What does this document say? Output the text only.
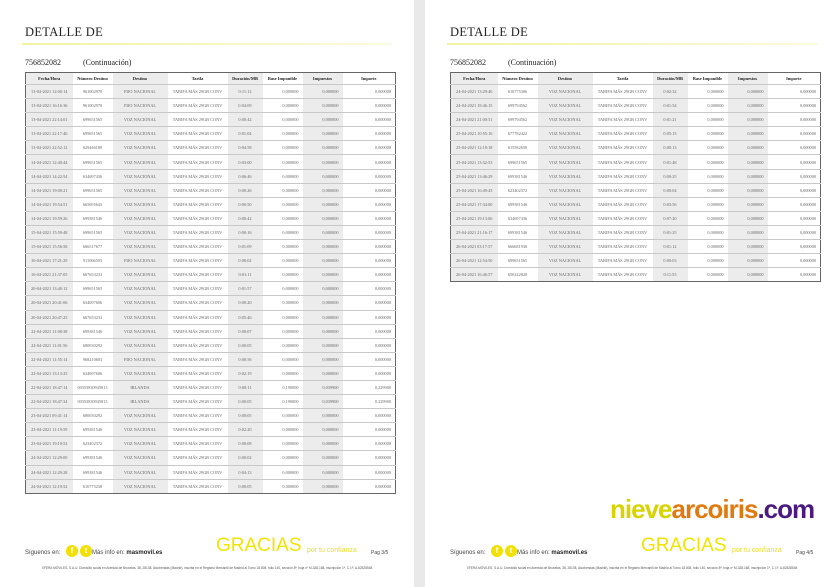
DETALLE DE
756852082	(Continuación)
Fecha/Hora	Número Destino	Destino	Tarifa	Duración/MB	Base Imponible	Impuestos	Importe
13-04-2021 12:00:14	961002970	FIJO NACIONAL	TARIFA MÁS 29GB CONV	0:11:12	0,000000	0,000000	0,000000
13-04-2021 16:16:36	961002970	FIJO NACIONAL	TARIFA MÁS 29GB CONV	0:04:09	0,000000	0,000000	0,000000
13-04-2021 22:14:01	699651565	VOZ NACIONAL	TARIFA MÁS 29GB CONV	0:00:42	0,000000	0,000000	0,000000
13-04-2021 22:17:46	699651565	VOZ NACIONAL	TARIFA MÁS 29GB CONV	0:01:04	0,000000	0,000000	0,000000
13-04-2021 22:52:12	629446180	VOZ NACIONAL	TARIFA MÁS 29GB CONV	0:04:58	0,000000	0,000000	0,000000
14-04-2021 12:40:44	699651565	VOZ NACIONAL	TARIFA MÁS 29GB CONV	0:03:00	0,000000	0,000000	0,000000
14-04-2021 14:22:54	634697436	VOZ NACIONAL	TARIFA MÁS 29GB CONV	0:06:46	0,000000	0,000000	0,000000
14-04-2021 19:00:21	699651565	VOZ NACIONAL	TARIFA MÁS 29GB CONV	0:00:26	0,000000	0,000000	0,000000
14-04-2021 19:54:51	665695643	VOZ NACIONAL	TARIFA MÁS 29GB CONV	0:00:50	0,000000	0,000000	0,000000
14-04-2021 19:59:26	699381546	VOZ NACIONAL	TARIFA MÁS 29GB CONV	0:00:42	0,000000	0,000000	0,000000
15-04-2021 15:59:48	699651565	VOZ NACIONAL	TARIFA MÁS 29GB CONV	0:00:16	0,000000	0,000000	0,000000
15-04-2021 15:56:58	666517677	VOZ NACIONAL	TARIFA MÁS 29GB CONV	0:01:09	0,000000	0,000000	0,000000
16-04-2021 17:21:29	911066503	FIJO NACIONAL	TARIFA MÁS 29GB CONV	0:00:02	0,000000	0,000000	0,000000
16-04-2021 21:37:05	667653233	VOZ NACIONAL	TARIFA MÁS 29GB CONV	0:01:11	0,000000	0,000000	0,000000
20-04-2021 13:40:12	699651565	VOZ NACIONAL	TARIFA MÁS 29GB CONV	0:01:57	0,000000	0,000000	0,000000
20-04-2021 20:41:06	634697606	VOZ NACIONAL	TARIFA MÁS 29GB CONV	0:00:20	0,000000	0,000000	0,000000
20-04-2021 20:47:25	667653233	VOZ NACIONAL	TARIFA MÁS 29GB CONV	0:05:46	0,000000	0,000000	0,000000
22-04-2021 11:00:38	699381546	VOZ NACIONAL	TARIFA MÁS 29GB CONV	0:00:07	0,000000	0,000000	0,000000
22-04-2021 11:01:56	680030292	VOZ NACIONAL	TARIFA MÁS 29GB CONV	0:00:05	0,000000	0,000000	0,000000
22-04-2021 11:55:14	968210603	FIJO NACIONAL	TARIFA MÁS 29GB CONV	0:00:56	0,000000	0,000000	0,000000
22-04-2021 13:13:25	634697606	VOZ NACIONAL	TARIFA MÁS 29GB CONV	0:02:19	0,000000	0,000000	0,000000
22-04-2021 18:47:14	00353830945813	IRLANDA	TARIFA MÁS 29GB CONV	0:00:11	0,190000	0,039900	0,229900
22-04-2021 18:47:34	00353830945813	IRLANDA	TARIFA MÁS 29GB CONV	0:00:05	0,190000	0,039900	0,229900
23-04-2021 09:41:14	680030292	VOZ NACIONAL	TARIFA MÁS 29GB CONV	0:00:05	0,000000	0,000000	0,000000
23-04-2021 11:19:59	699381546	VOZ NACIONAL	TARIFA MÁS 29GB CONV	0:02:20	0,000000	0,000000	0,000000
23-04-2021 19:10:52	623402372	VOZ NACIONAL	TARIFA MÁS 29GB CONV	0:00:08	0,000000	0,000000	0,000000
24-04-2021 12:29:00	699381546	VOZ NACIONAL	TARIFA MÁS 29GB CONV	0:00:02	0,000000	0,000000	0,000000
24-04-2021 12:29:28	699381546	VOZ NACIONAL	TARIFA MÁS 29GB CONV	0:04:13	0,000000	0,000000	0,000000
24-04-2021 12:19:52	610775238	VOZ NACIONAL	TARIFA MÁS 29GB CONV	0:00:05	0,000000	0,000000	0,000000
Síguenos en:	f	t Más info en: masmovil.es	GRACIAS por tu confianza	Pag 3/5
XFERA MÓVILES, S.A.U. Domicilio social en Avenida de Bruselas, 38, 28108, Alcobendas (Madrid), inscrita en el Registro Mercantil de Madrid al Tomo 18.805, folio 140, sección 8ª, hoja nº M-328.168, inscripción 1ª, C.I.F. A-82528548
DETALLE DE
756852082	(Continuación)
Fecha/Hora	Número Destino	Destino	Tarifa	Duración/MB	Base Imponible	Impuestos	Importe
24-04-2021 13:29:46	610775306	VOZ NACIONAL	TARIFA MÁS 29GB CONV	0:02:32	0,000000	0,000000	0,000000
24-04-2021 18:46:15	699794562	VOZ NACIONAL	TARIFA MÁS 29GB CONV	0:01:54	0,000000	0,000000	0,000000
24-04-2021 21:00:51	699794562	VOZ NACIONAL	TARIFA MÁS 29GB CONV	0:01:21	0,000000	0,000000	0,000000
25-04-2021 10:55:16	677782422	VOZ NACIONAL	TARIFA MÁS 29GB CONV	0:05:15	0,000000	0,000000	0,000000
25-04-2021 12:18:18	615582658	VOZ NACIONAL	TARIFA MÁS 29GB CONV	0:00:13	0,000000	0,000000	0,000000
25-04-2021 13:32:53	699651565	VOZ NACIONAL	TARIFA MÁS 29GB CONV	0:01:48	0,000000	0,000000	0,000000
25-04-2021 13:46:29	699381546	VOZ NACIONAL	TARIFA MÁS 29GB CONV	0:00:25	0,000000	0,000000	0,000000
25-04-2021 16:49:43	623402372	VOZ NACIONAL	TARIFA MÁS 29GB CONV	0:00:04	0,000000	0,000000	0,000000
25-04-2021 17:34:00	699381546	VOZ NACIONAL	TARIFA MÁS 29GB CONV	0:03:56	0,000000	0,000000	0,000000
25-04-2021 19:13:06	634697436	VOZ NACIONAL	TARIFA MÁS 29GB CONV	0:07:20	0,000000	0,000000	0,000000
25-04-2021 21:16:17	699381546	VOZ NACIONAL	TARIFA MÁS 29GB CONV	0:01:25	0,000000	0,000000	0,000000
26-04-2021 03:17:57	666681936	VOZ NACIONAL	TARIFA MÁS 29GB CONV	0:01:12	0,000000	0,000000	0,000000
26-04-2021 12:54:50	699651565	VOZ NACIONAL	TARIFA MÁS 29GB CONV	0:00:03	0,000000	0,000000	0,000000
26-04-2021 16:46:57	650222820	VOZ NACIONAL	TARIFA MÁS 29GB CONV	0:11:55	0,000000	0,000000	0,000000
Síguenos en:	f	t Más info en: masmovil.es	GRACIAS por tu confianza	Pag 4/5
XFERA MÓVILES, S.A.U. Domicilio social en Avenida de Bruselas, 38, 28108, Alcobendas (Madrid), inscrita en el Registro Mercantil de Madrid al Tomo 18.805, folio 140, sección 8ª, hoja nº M-328.168, inscripción 1ª, C.I.F. A-82528548
nievearcoiris.com
